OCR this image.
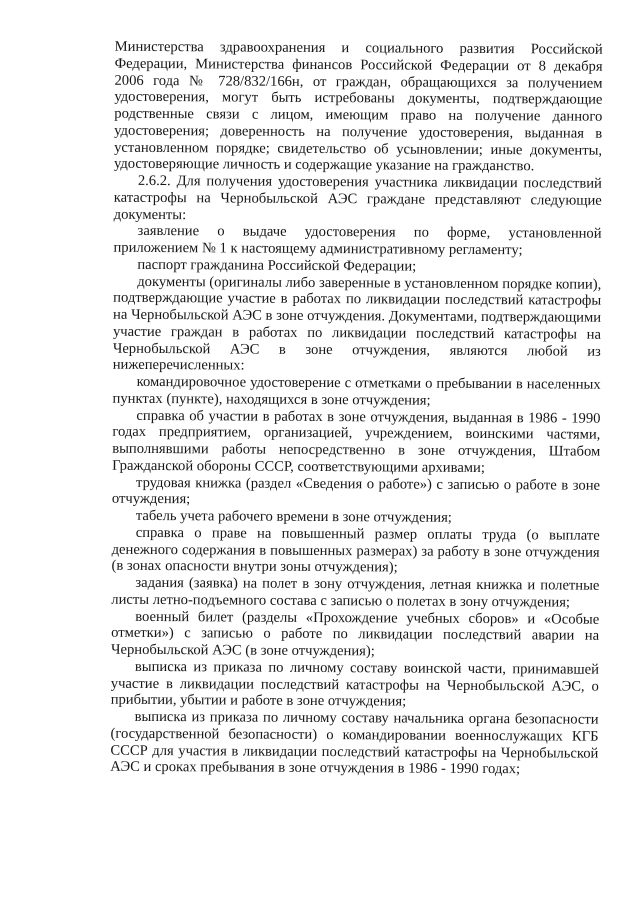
Министерства здравоохранения и социального развития Российской Федерации, Министерства финансов Российской Федерации от 8 декабря 2006 года № 728/832/166н, от граждан, обращающихся за получением удостоверения, могут быть истребованы документы, подтверждающие родственные связи с лицом, имеющим право на получение данного удостоверения; доверенность на получение удостоверения, выданная в установленном порядке; свидетельство об усыновлении; иные документы, удостоверяющие личность и содержащие указание на гражданство.

2.6.2. Для получения удостоверения участника ликвидации последствий катастрофы на Чернобыльской АЭС граждане представляют следующие документы:

заявление о выдаче удостоверения по форме, установленной приложением № 1 к настоящему административному регламенту;

паспорт гражданина Российской Федерации;

документы (оригиналы либо заверенные в установленном порядке копии), подтверждающие участие в работах по ликвидации последствий катастрофы на Чернобыльской АЭС в зоне отчуждения. Документами, подтверждающими участие граждан в работах по ликвидации последствий катастрофы на Чернобыльской АЭС в зоне отчуждения, являются любой из нижеперечисленных:

командировочное удостоверение с отметками о пребывании в населенных пунктах (пункте), находящихся в зоне отчуждения;

справка об участии в работах в зоне отчуждения, выданная в 1986 - 1990 годах предприятием, организацией, учреждением, воинскими частями, выполнявшими работы непосредственно в зоне отчуждения, Штабом Гражданской обороны СССР, соответствующими архивами;

трудовая книжка (раздел «Сведения о работе») с записью о работе в зоне отчуждения;

табель учета рабочего времени в зоне отчуждения;

справка о праве на повышенный размер оплаты труда (о выплате денежного содержания в повышенных размерах) за работу в зоне отчуждения (в зонах опасности внутри зоны отчуждения);

задания (заявка) на полет в зону отчуждения, летная книжка и полетные листы летно-подъемного состава с записью о полетах в зону отчуждения;

военный билет (разделы «Прохождение учебных сборов» и «Особые отметки») с записью о работе по ликвидации последствий аварии на Чернобыльской АЭС (в зоне отчуждения);

выписка из приказа по личному составу воинской части, принимавшей участие в ликвидации последствий катастрофы на Чернобыльской АЭС, о прибытии, убытии и работе в зоне отчуждения;

выписка из приказа по личному составу начальника органа безопасности (государственной безопасности) о командировании военнослужащих КГБ СССР для участия в ликвидации последствий катастрофы на Чернобыльской АЭС и сроках пребывания в зоне отчуждения в 1986 - 1990 годах;
